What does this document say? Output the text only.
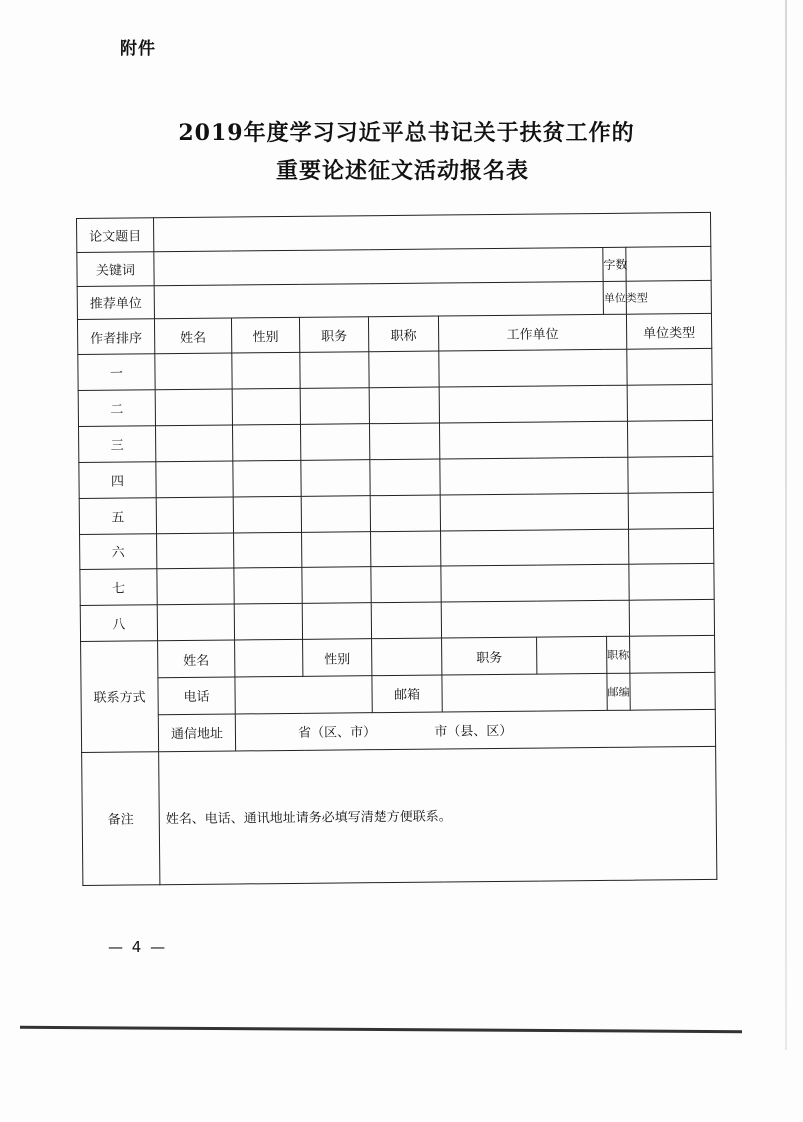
附件
2019年度学习习近平总书记关于扶贫工作的
重要论述征文活动报名表
论文题目								
关键词							字数	
推荐单位							单位类型	
作者排序	姓名	性别	职务	职称	工作单位			单位类型
一								
二								
三								
四								
五								
六								
七								
八								
联系方式	姓名		性别		职务		职称	
	电话			邮箱			邮编	
	通信地址	省（区、市） 市（县、区）						
备注	姓名、电话、通讯地址请务必填写清楚方便联系。							
— 4 —
